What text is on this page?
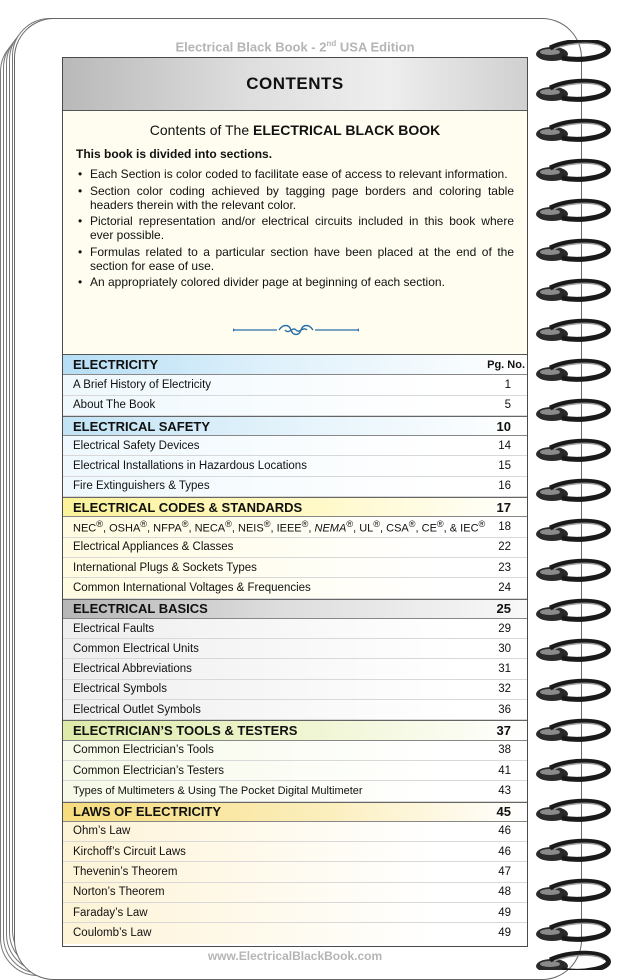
Electrical Black Book - 2nd USA Edition
CONTENTS
Contents of The ELECTRICAL BLACK BOOK
This book is divided into sections.
• Each Section is color coded to facilitate ease of access to relevant information.
• Section color coding achieved by tagging page borders and coloring table headers therein with the relevant color.
• Pictorial representation and/or electrical circuits included in this book where ever possible.
• Formulas related to a particular section have been placed at the end of the section for ease of use.
• An appropriately colored divider page at beginning of each section.
ELECTRICITY	Pg. No.
A Brief History of Electricity	1
About The Book	5
ELECTRICAL SAFETY	10
Electrical Safety Devices	14
Electrical Installations in Hazardous Locations	15
Fire Extinguishers & Types	16
ELECTRICAL CODES & STANDARDS	17
NEC®, OSHA®, NFPA®, NECA®, NEIS®, IEEE®, NEMA®, UL®, CSA®, CE®, & IEC®	18
Electrical Appliances & Classes	22
International Plugs & Sockets Types	23
Common International Voltages & Frequencies	24
ELECTRICAL BASICS	25
Electrical Faults	29
Common Electrical Units	30
Electrical Abbreviations	31
Electrical Symbols	32
Electrical Outlet Symbols	36
ELECTRICIAN’S TOOLS & TESTERS	37
Common Electrician’s Tools	38
Common Electrician’s Testers	41
Types of Multimeters & Using The Pocket Digital Multimeter	43
LAWS OF ELECTRICITY	45
Ohm’s Law	46
Kirchoff’s Circuit Laws	46
Thevenin’s Theorem	47
Norton’s Theorem	48
Faraday’s Law	49
Coulomb’s Law	49
www.ElectricalBlackBook.com
